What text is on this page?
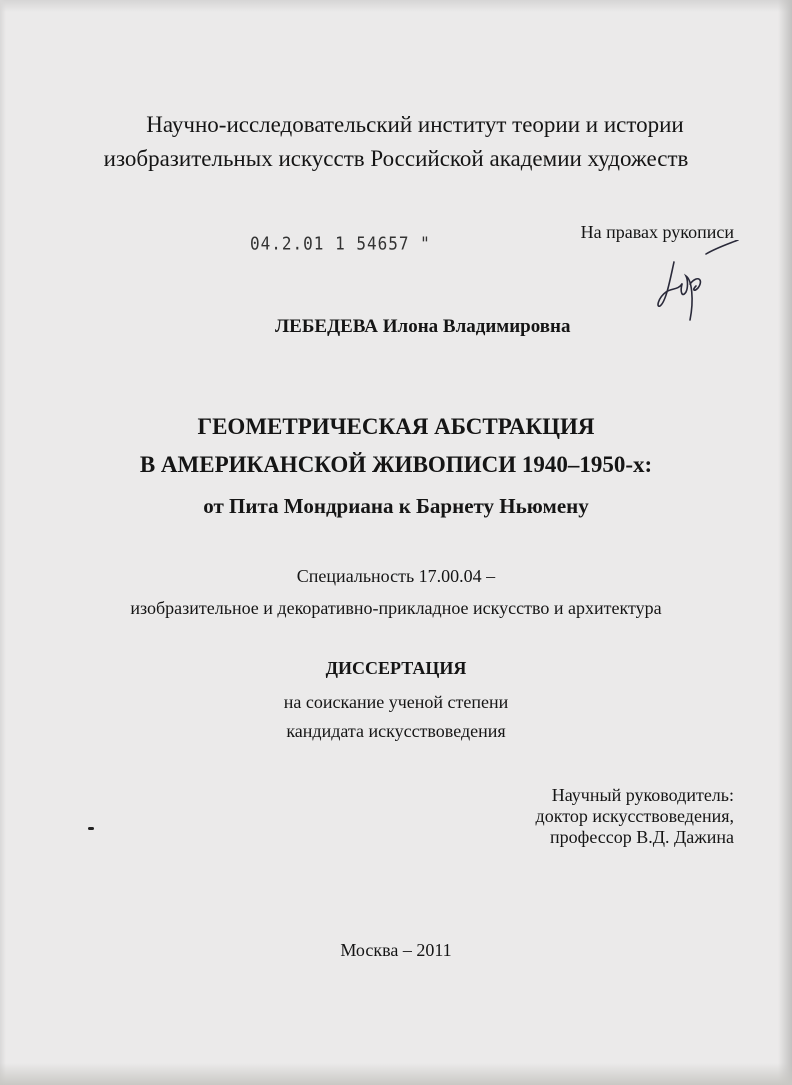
Научно-исследовательский институт теории и истории
изобразительных искусств Российской академии художеств
04.2.01 1 54657 "
На правах рукописи
ЛЕБЕДЕВА Илона Владимировна
ГЕОМЕТРИЧЕСКАЯ АБСТРАКЦИЯ
В АМЕРИКАНСКОЙ ЖИВОПИСИ 1940–1950-х:
от Пита Мондриана к Барнету Ньюмену
Специальность 17.00.04 –
изобразительное и декоративно-прикладное искусство и архитектура
ДИССЕРТАЦИЯ
на соискание ученой степени
кандидата искусствоведения
Научный руководитель:
доктор искусствоведения,
профессор В.Д. Дажина
Москва – 2011
